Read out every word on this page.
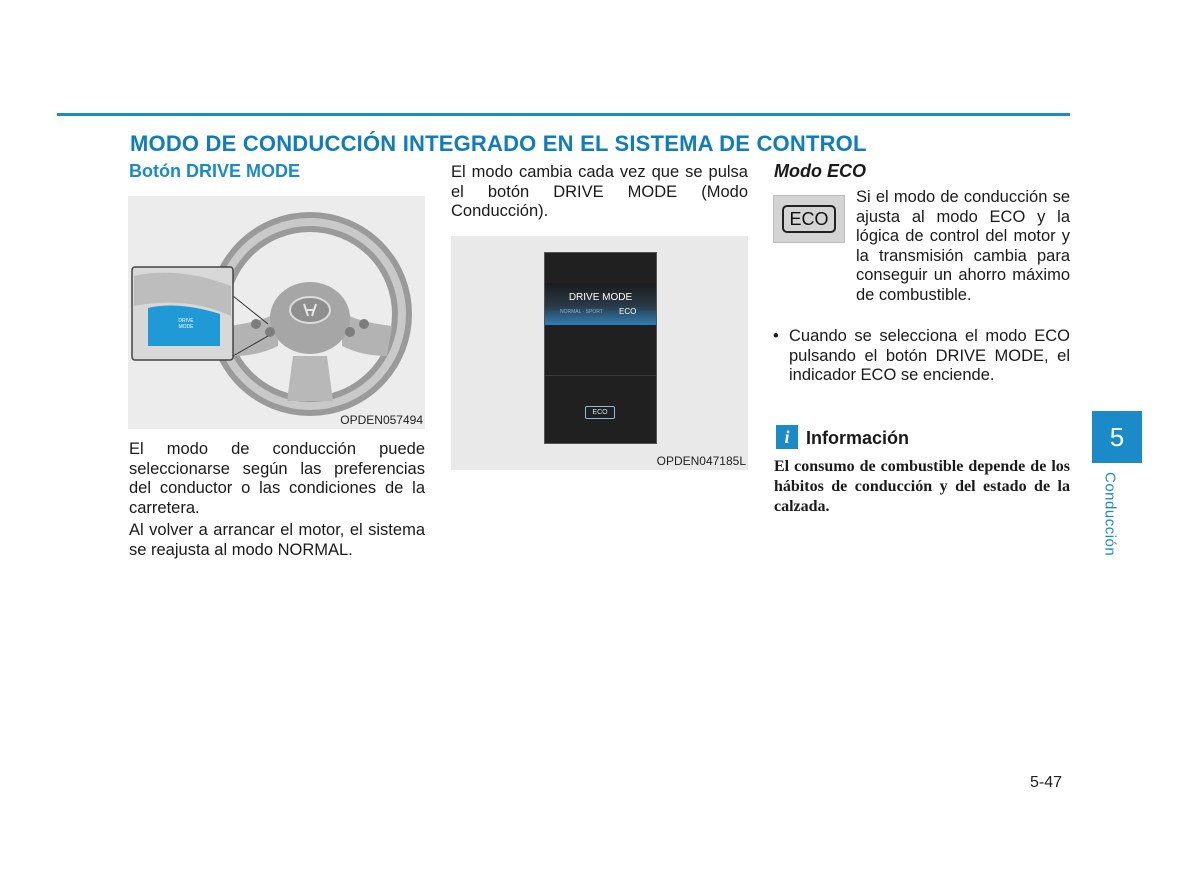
MODO DE CONDUCCIÓN INTEGRADO EN EL SISTEMA DE CONTROL
Botón DRIVE MODE
DRIVE MODE
OPDEN057494
El modo de conducción puede seleccionarse según las preferencias del conductor o las condiciones de la carretera.
Al volver a arrancar el motor, el sistema se reajusta al modo NORMAL.
El modo cambia cada vez que se pulsa el botón DRIVE MODE (Modo Conducción).
DRIVE MODE
NORMAL · SPORT ECO
ECO
OPDEN047185L
Modo ECO
ECO
Si el modo de conducción se ajusta al modo ECO y la lógica de control del motor y la transmisión cambia para conseguir un ahorro máximo de combustible.
• Cuando se selecciona el modo ECO pulsando el botón DRIVE MODE, el indicador ECO se enciende.
i Información
El consumo de combustible depende de los hábitos de conducción y del estado de la calzada.
5
Conducción
5-47
